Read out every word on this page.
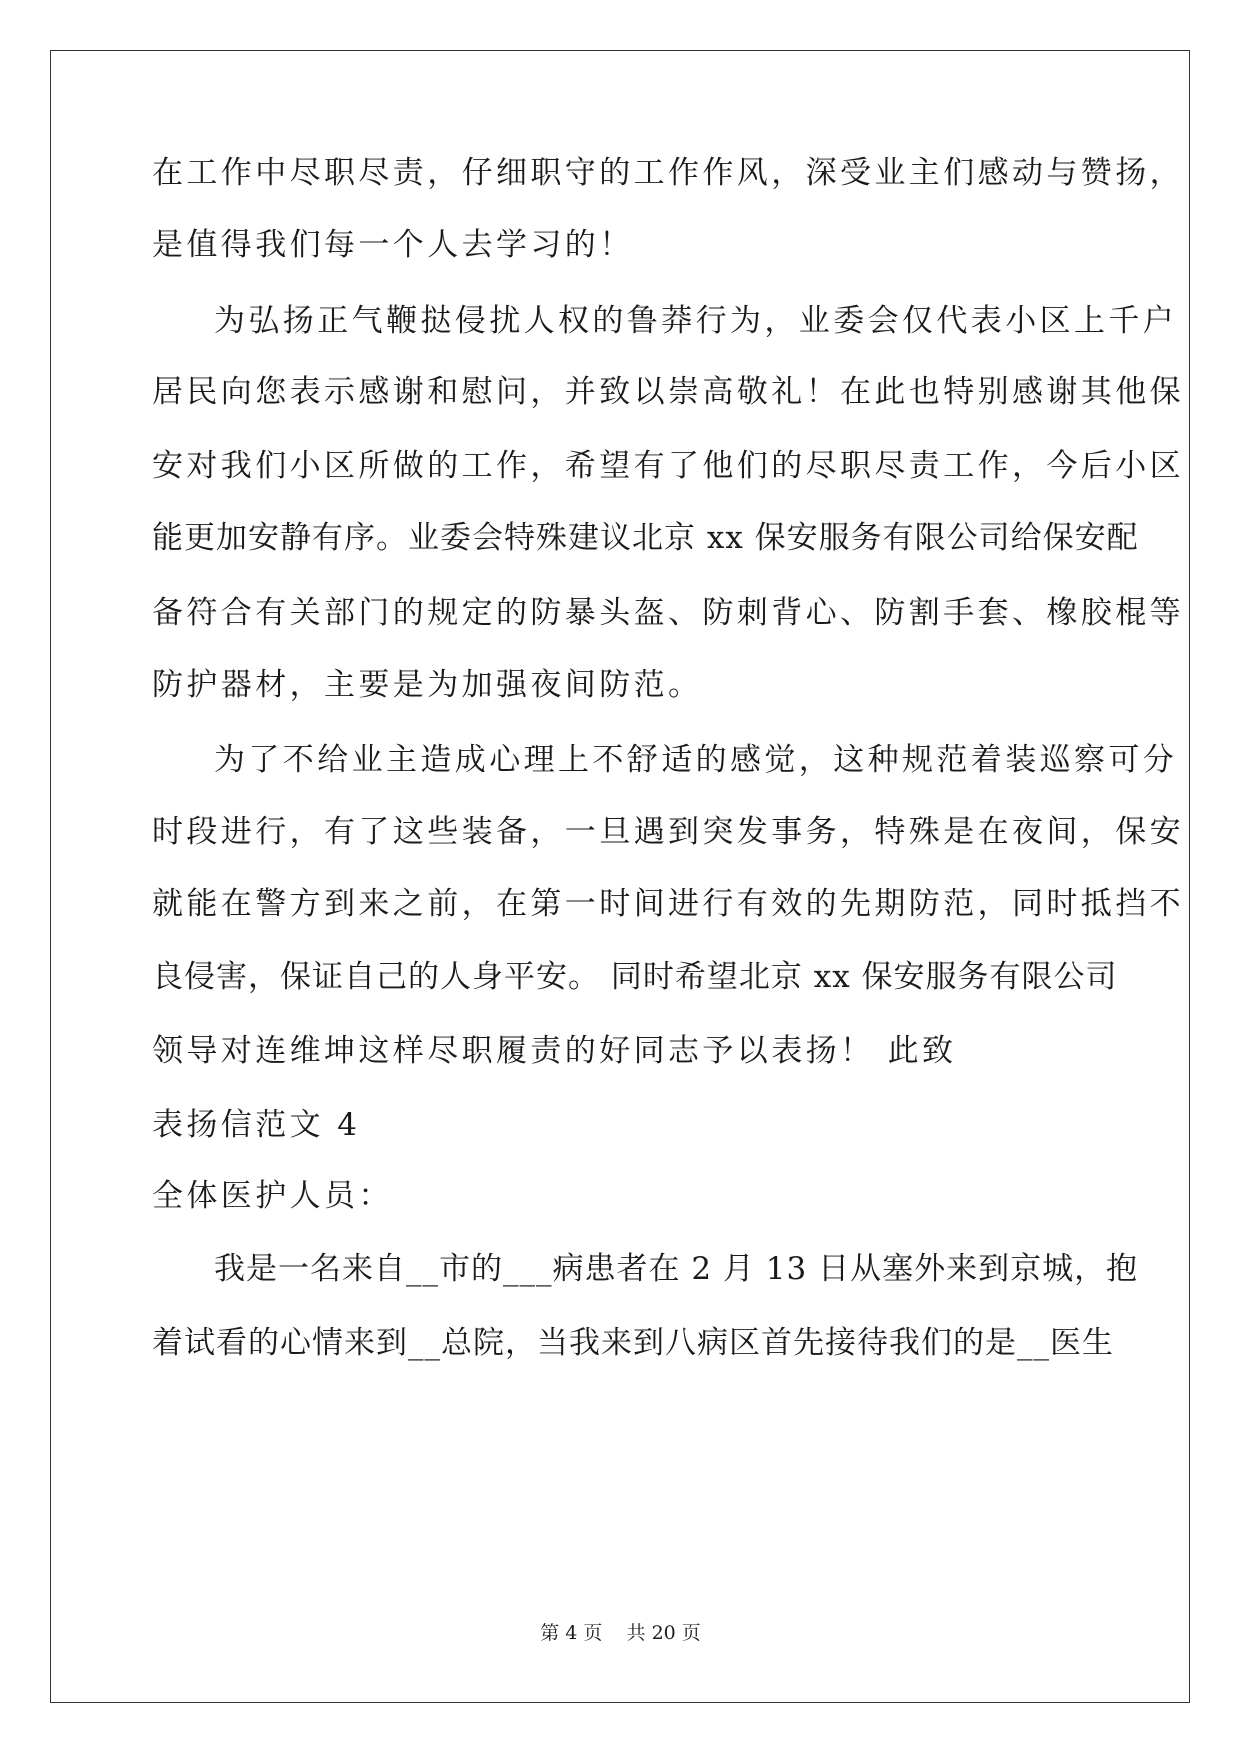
在工作中尽职尽责，仔细职守的工作作风，深受业主们感动与赞扬，
是值得我们每一个人去学习的！
为弘扬正气鞭挞侵扰人权的鲁莽行为，业委会仅代表小区上千户
居民向您表示感谢和慰问，并致以崇高敬礼！在此也特别感谢其他保
安对我们小区所做的工作，希望有了他们的尽职尽责工作，今后小区
能更加安静有序。业委会特殊建议北京 xx 保安服务有限公司给保安配
备符合有关部门的规定的防暴头盔、防刺背心、防割手套、橡胶棍等
防护器材，主要是为加强夜间防范。
为了不给业主造成心理上不舒适的感觉，这种规范着装巡察可分
时段进行，有了这些装备，一旦遇到突发事务，特殊是在夜间，保安
就能在警方到来之前，在第一时间进行有效的先期防范，同时抵挡不
良侵害，保证自己的人身平安。 同时希望北京 xx 保安服务有限公司
领导对连维坤这样尽职履责的好同志予以表扬！ 此致
表扬信范文 4
全体医护人员：
我是一名来自__市的___病患者在 2 月 13 日从塞外来到京城，抱
着试看的心情来到__总院，当我来到八病区首先接待我们的是__医生
第 4 页    共 20 页
